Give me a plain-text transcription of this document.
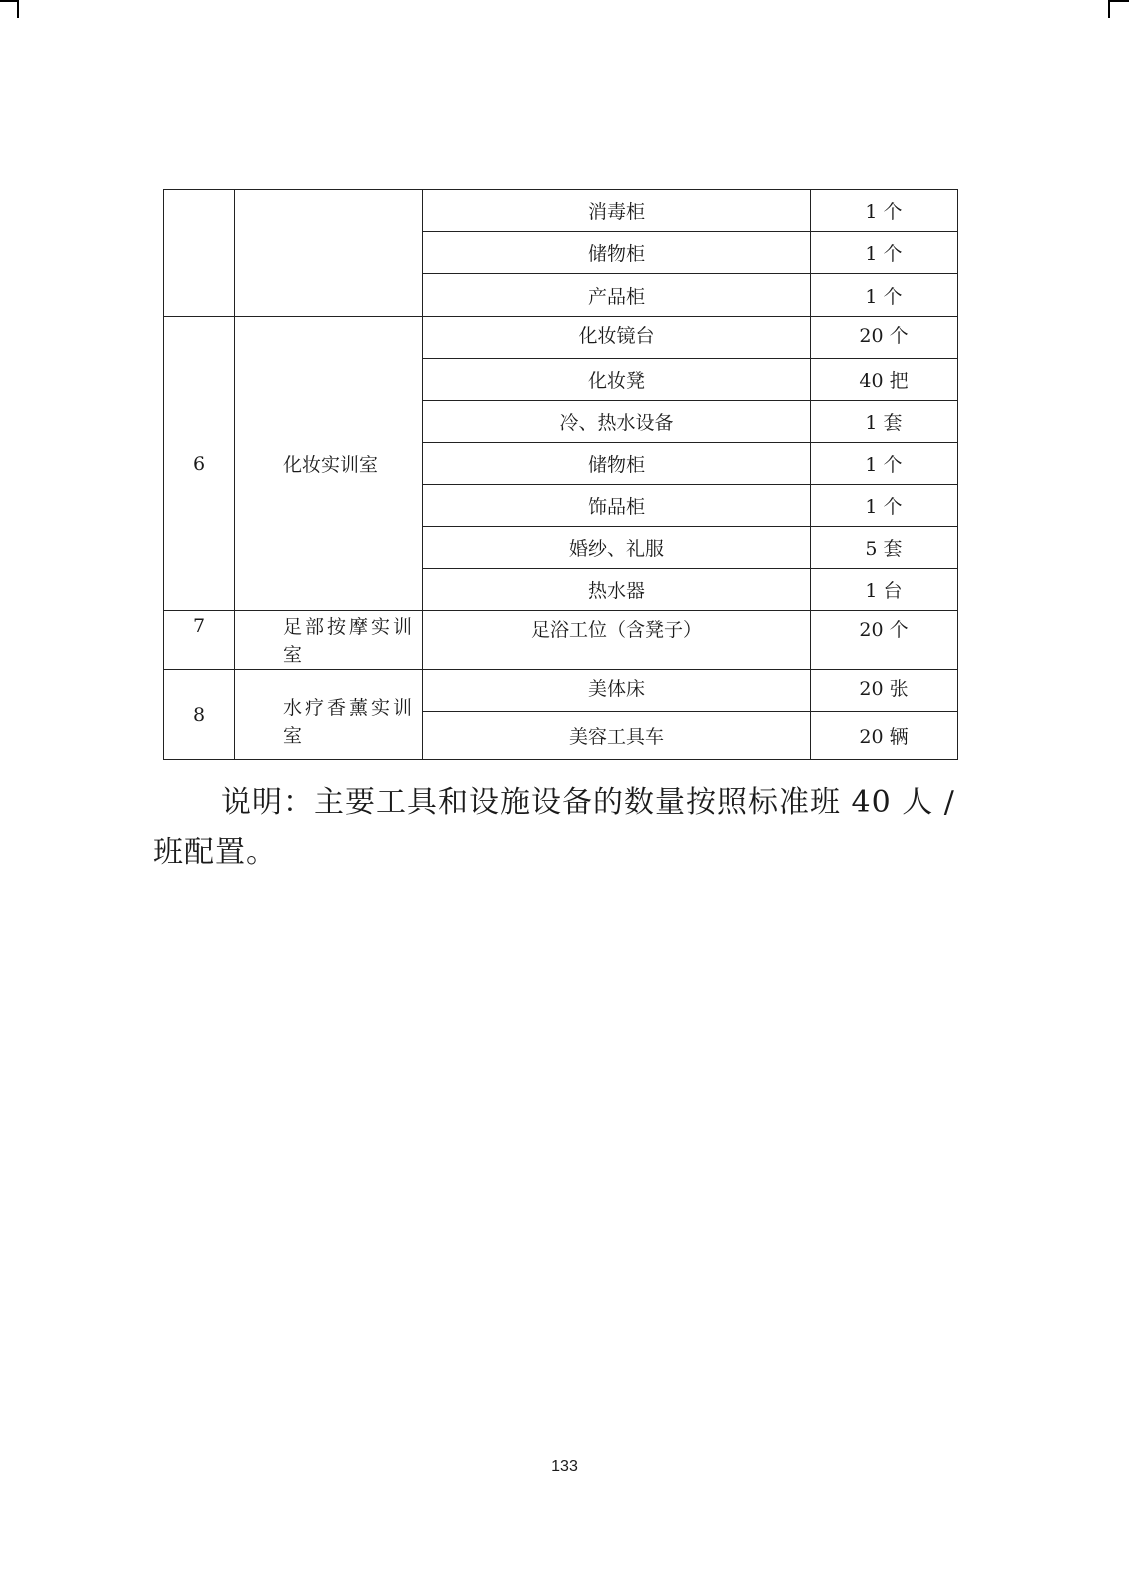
		消毒柜	1 个
		储物柜	1 个
		产品柜	1 个
6	化妆实训室	化妆镜台	20 个
		化妆凳	40 把
		冷、热水设备	1 套
		储物柜	1 个
		饰品柜	1 个
		婚纱、礼服	5 套
		热水器	1 台
7	足部按摩实训室	足浴工位（含凳子）	20 个
8	水疗香薰实训室	美体床	20 张
		美容工具车	20 辆
说明：主要工具和设施设备的数量按照标准班 40 人 / 班配置。
133
